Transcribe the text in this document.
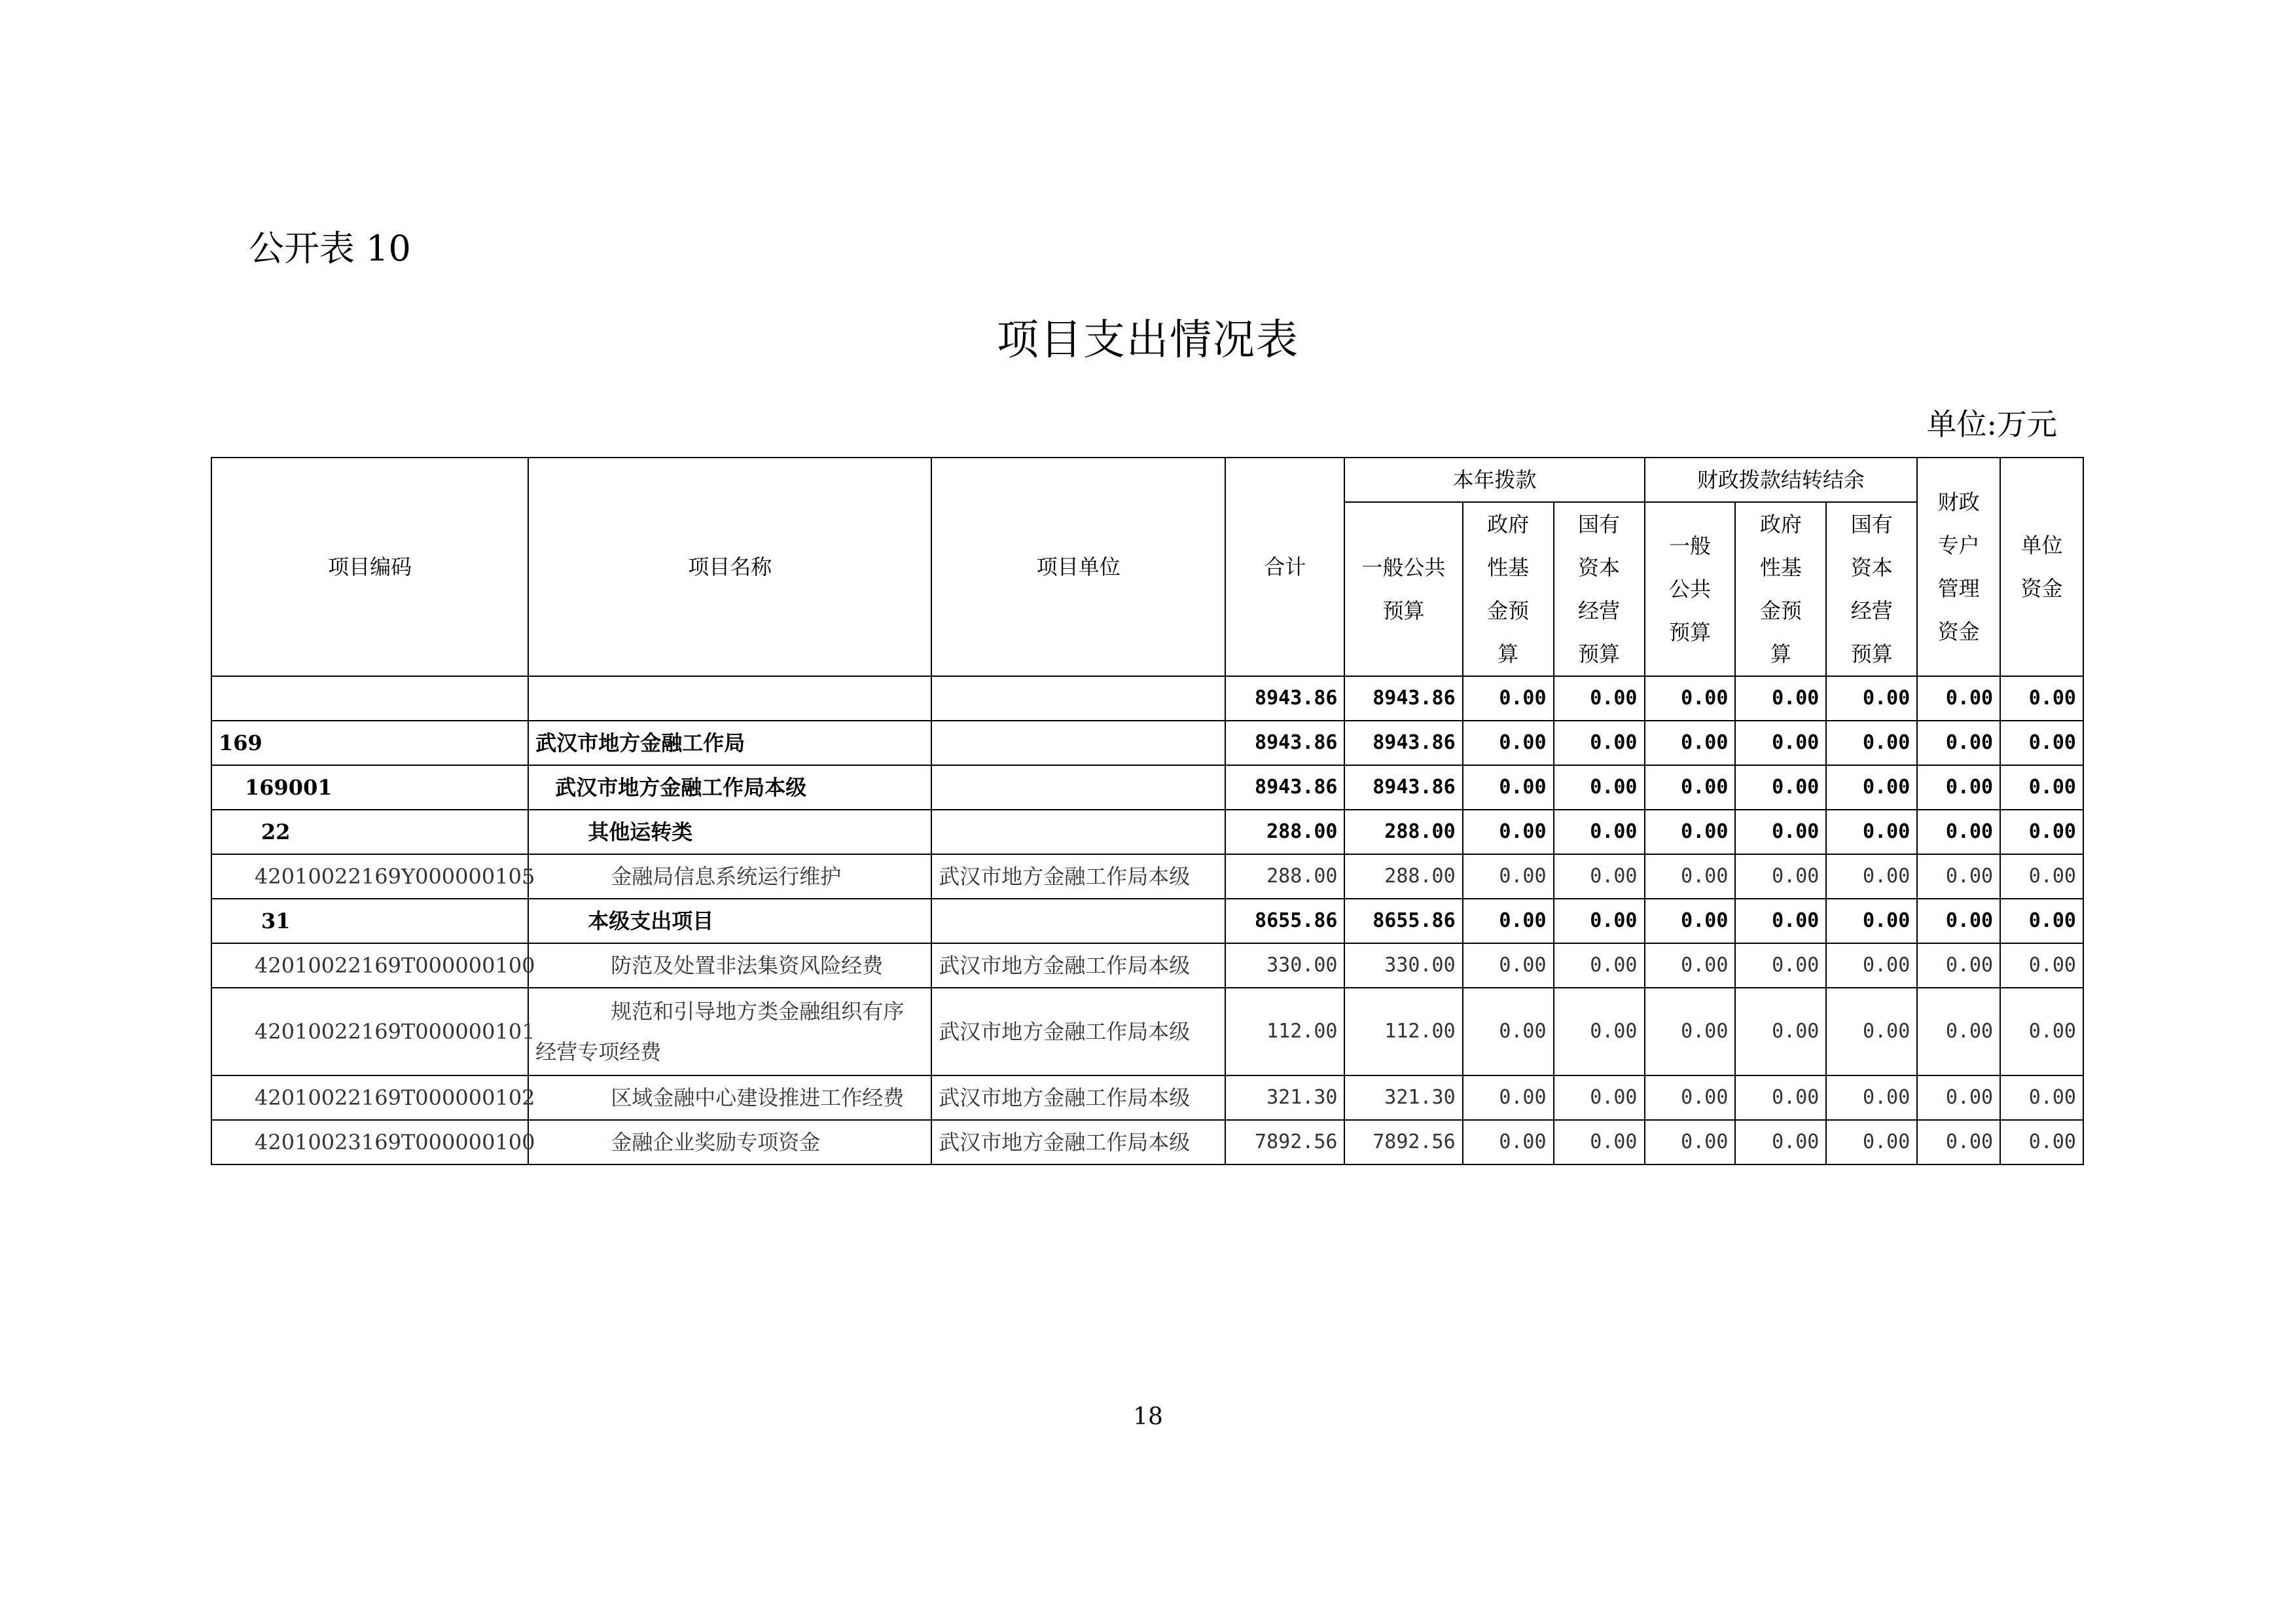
公开表 10
项目支出情况表
单位:万元
项目编码	项目名称	项目单位	合计	本年拨款			财政拨款结转结余			财政专户管理资金	单位资金
				一般公共预算	政府性基金预算	国有资本经营预算	一般公共预算	政府性基金预算	国有资本经营预算		
			8943.86	8943.86	0.00	0.00	0.00	0.00	0.00	0.00	0.00
169	武汉市地方金融工作局		8943.86	8943.86	0.00	0.00	0.00	0.00	0.00	0.00	0.00
169001	武汉市地方金融工作局本级		8943.86	8943.86	0.00	0.00	0.00	0.00	0.00	0.00	0.00
22	其他运转类		288.00	288.00	0.00	0.00	0.00	0.00	0.00	0.00	0.00
42010022169Y000000105	金融局信息系统运行维护	武汉市地方金融工作局本级	288.00	288.00	0.00	0.00	0.00	0.00	0.00	0.00	0.00
31	本级支出项目		8655.86	8655.86	0.00	0.00	0.00	0.00	0.00	0.00	0.00
42010022169T000000100	防范及处置非法集资风险经费	武汉市地方金融工作局本级	330.00	330.00	0.00	0.00	0.00	0.00	0.00	0.00	0.00
42010022169T000000101	规范和引导地方类金融组织有序经营专项经费	武汉市地方金融工作局本级	112.00	112.00	0.00	0.00	0.00	0.00	0.00	0.00	0.00
42010022169T000000102	区域金融中心建设推进工作经费	武汉市地方金融工作局本级	321.30	321.30	0.00	0.00	0.00	0.00	0.00	0.00	0.00
42010023169T000000100	金融企业奖励专项资金	武汉市地方金融工作局本级	7892.56	7892.56	0.00	0.00	0.00	0.00	0.00	0.00	0.00
18
